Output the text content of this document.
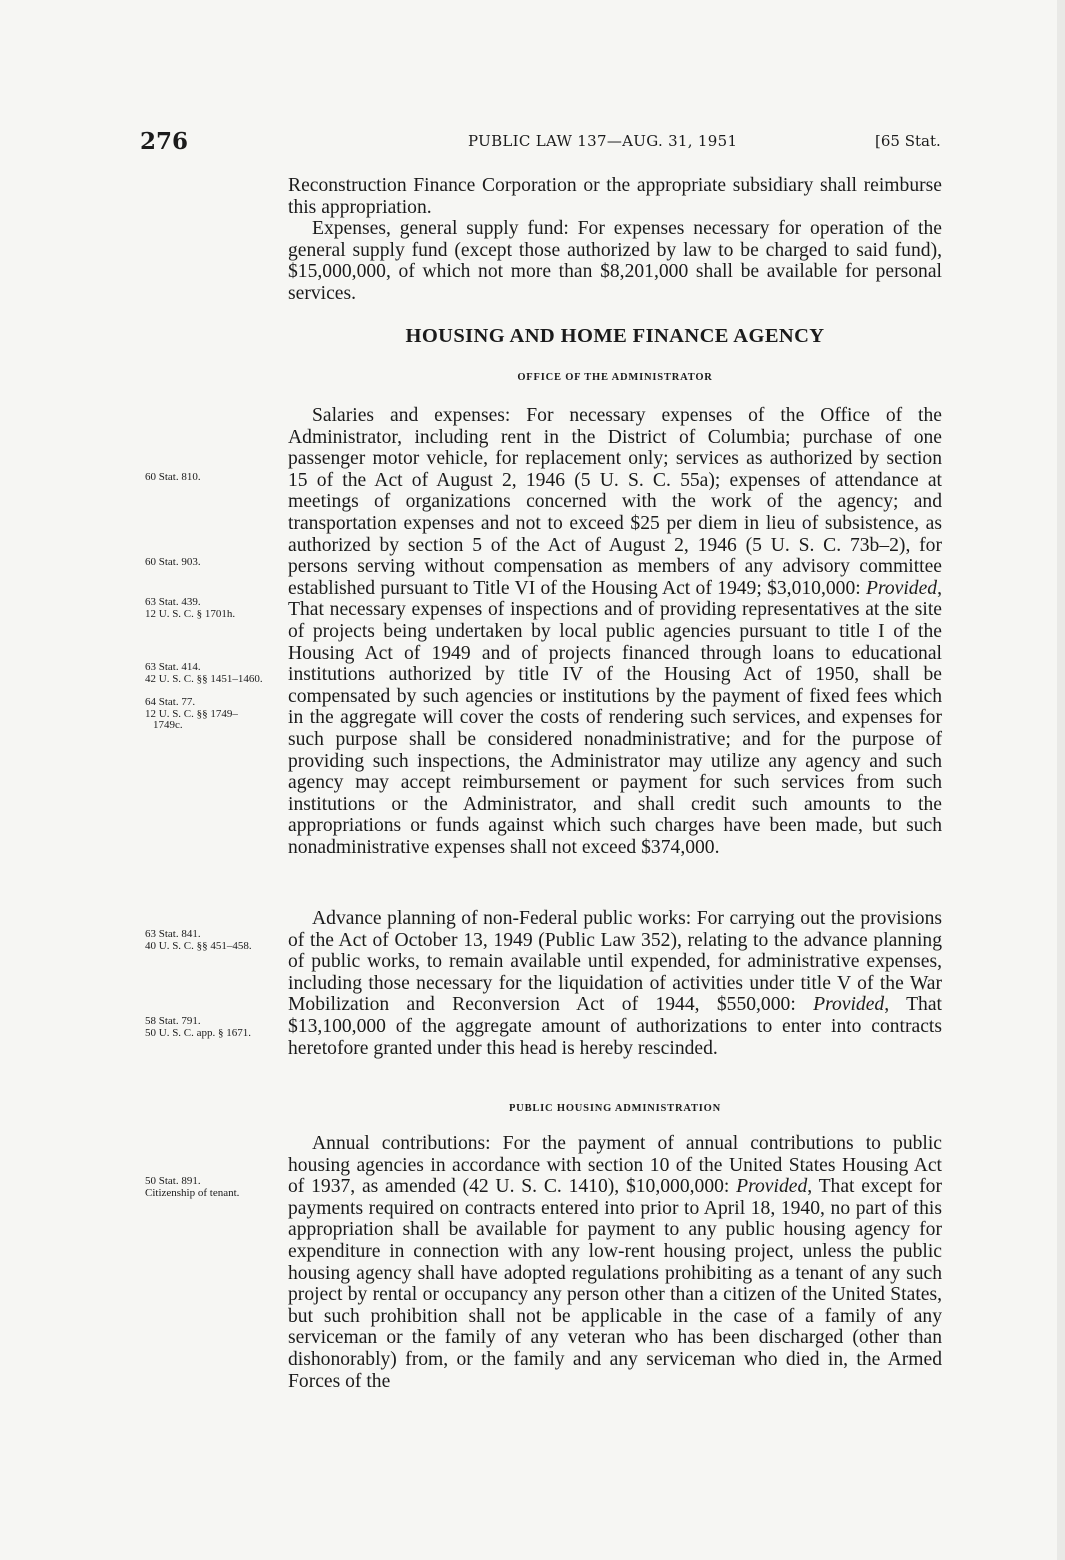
276	PUBLIC LAW 137—AUG. 31, 1951	[65 Stat.

Reconstruction Finance Corporation or the appropriate subsidiary shall reimburse this appropriation.

Expenses, general supply fund: For expenses necessary for operation of the general supply fund (except those authorized by law to be charged to said fund), $15,000,000, of which not more than $8,201,000 shall be available for personal services.

HOUSING AND HOME FINANCE AGENCY
OFFICE OF THE ADMINISTRATOR

Salaries and expenses: For necessary expenses of the Office of the Administrator, including rent in the District of Columbia; purchase of one passenger motor vehicle, for replacement only; services as authorized by section 15 of the Act of August 2, 1946 (5 U. S. C. 55a); expenses of attendance at meetings of organizations concerned with the work of the agency; and transportation expenses and not to exceed $25 per diem in lieu of subsistence, as authorized by section 5 of the Act of August 2, 1946 (5 U. S. C. 73b–2), for persons serving without compensation as members of any advisory committee established pursuant to Title VI of the Housing Act of 1949; $3,010,000: Provided, That necessary expenses of inspections and of providing representatives at the site of projects being undertaken by local public agencies pursuant to title I of the Housing Act of 1949 and of projects financed through loans to educational institutions authorized by title IV of the Housing Act of 1950, shall be compensated by such agencies or institutions by the payment of fixed fees which in the aggregate will cover the costs of rendering such services, and expenses for such purpose shall be considered nonadministrative; and for the purpose of providing such inspections, the Administrator may utilize any agency and such agency may accept reimbursement or payment for such services from such institutions or the Administrator, and shall credit such amounts to the appropriations or funds against which such charges have been made, but such nonadministrative expenses shall not exceed $374,000.

Advance planning of non-Federal public works: For carrying out the provisions of the Act of October 13, 1949 (Public Law 352), relating to the advance planning of public works, to remain available until expended, for administrative expenses, including those necessary for the liquidation of activities under title V of the War Mobilization and Reconversion Act of 1944, $550,000: Provided, That $13,100,000 of the aggregate amount of authorizations to enter into contracts heretofore granted under this head is hereby rescinded.

PUBLIC HOUSING ADMINISTRATION

Annual contributions: For the payment of annual contributions to public housing agencies in accordance with section 10 of the United States Housing Act of 1937, as amended (42 U. S. C. 1410), $10,000,000: Provided, That except for payments required on contracts entered into prior to April 18, 1940, no part of this appropriation shall be available for payment to any public housing agency for expenditure in connection with any low-rent housing project, unless the public housing agency shall have adopted regulations prohibiting as a tenant of any such project by rental or occupancy any person other than a citizen of the United States, but such prohibition shall not be applicable in the case of a family of any serviceman or the family of any veteran who has been discharged (other than dishonorably) from, or the family and any serviceman who died in, the Armed Forces of the

60 Stat. 810.

60 Stat. 903.

63 Stat. 439.
12 U. S. C. § 1701h.

63 Stat. 414.
42 U. S. C. §§ 1451–1460.

64 Stat. 77.
12 U. S. C. §§ 1749–1749c.

63 Stat. 841.
40 U. S. C. §§ 451–458.

58 Stat. 791.
50 U. S. C. app. § 1671.

50 Stat. 891.
Citizenship of tenant.
